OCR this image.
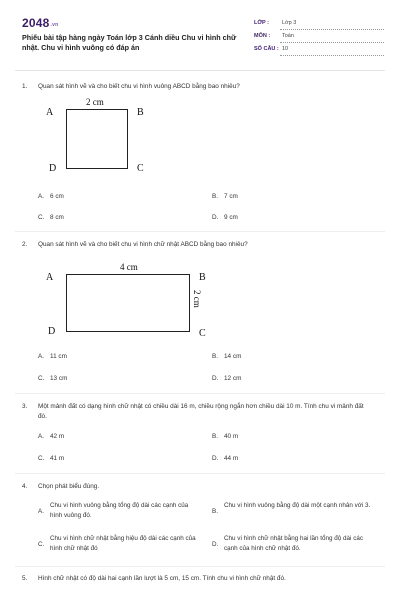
2048.vn
Phiếu bài tập hàng ngày Toán lớp 3 Cánh diều Chu vi hình chữ nhật. Chu vi hình vuông có đáp án
LỚP : Lớp 3
MÔN : Toán
SỐ CÂU : 10
1. Quan sát hình vẽ và cho biết chu vi hình vuông ABCD bằng bao nhiêu?
2 cm
A	B
C
D
A. 6 cm	B. 7 cm
C. 8 cm	D. 9 cm
2. Quan sát hình vẽ và cho biết chu vi hình chữ nhật ABCD bằng bao nhiêu?
4 cm
2 cm
A	B
C
D
A. 11 cm	B. 14 cm
C. 13 cm	D. 12 cm
3. Một mảnh đất có dạng hình chữ nhật có chiều dài 16 m, chiều rộng ngắn hơn chiều dài 10 m. Tính chu vi mảnh đất đó.
A. 42 m	B. 40 m
C. 41 m	D. 44 m
4. Chọn phát biểu đúng.
A.
Chu vi hình vuông bằng tổng độ dài các cạnh của hình vuông đó.
B.
Chu vi hình vuông bằng độ dài một cạnh nhân với 3.
C.
Chu vi hình chữ nhật bằng hiệu độ dài các cạnh của hình chữ nhật đó
D.
Chu vi hình chữ nhật bằng hai lần tổng độ dài các cạnh của hình chữ nhật đó.
5. Hình chữ nhật có độ dài hai cạnh lần lượt là 5 cm, 15 cm. Tính chu vi hình chữ nhật đó.
